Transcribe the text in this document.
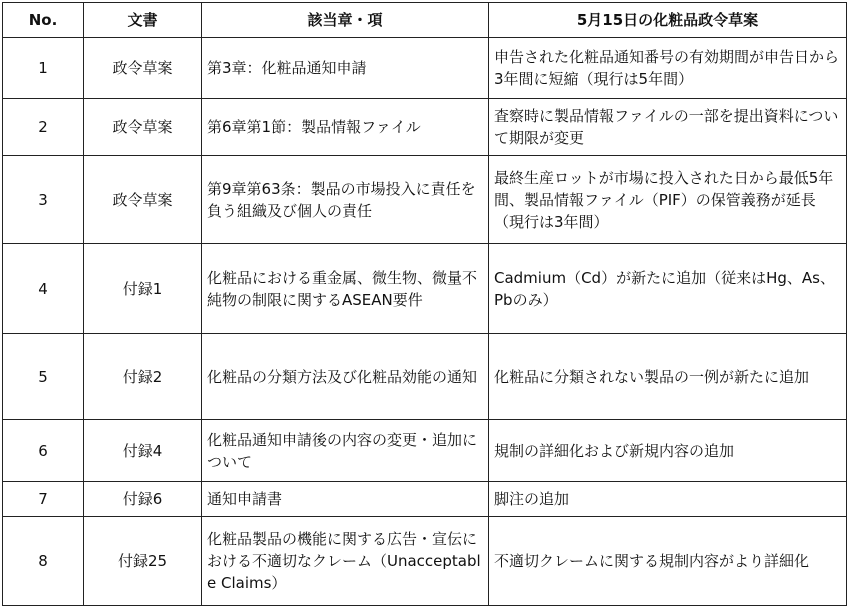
No.	文書	該当章・項	5月15日の化粧品政令草案
1	政令草案	第3章：化粧品通知申請	申告された化粧品通知番号の有効期間が申告日から3年間に短縮（現行は5年間）
2	政令草案	第6章第1節：製品情報ファイル	査察時に製品情報ファイルの一部を提出資料について期限が変更
3	政令草案	第9章第63条：製品の市場投入に責任を負う組織及び個人の責任	最終生産ロットが市場に投入された日から最低5年間、製品情報ファイル（PIF）の保管義務が延長（現行は3年間）
4	付録1	化粧品における重金属、微生物、微量不純物の制限に関するASEAN要件	Cadmium（Cd）が新たに追加（従来はHg、As、Pbのみ）
5	付録2	化粧品の分類方法及び化粧品効能の通知	化粧品に分類されない製品の一例が新たに追加
6	付録4	化粧品通知申請後の内容の変更・追加について	規制の詳細化および新規内容の追加
7	付録6	通知申請書	脚注の追加
8	付録25	化粧品製品の機能に関する広告・宣伝における不適切なクレーム（Unacceptable Claims）	不適切クレームに関する規制内容がより詳細化
